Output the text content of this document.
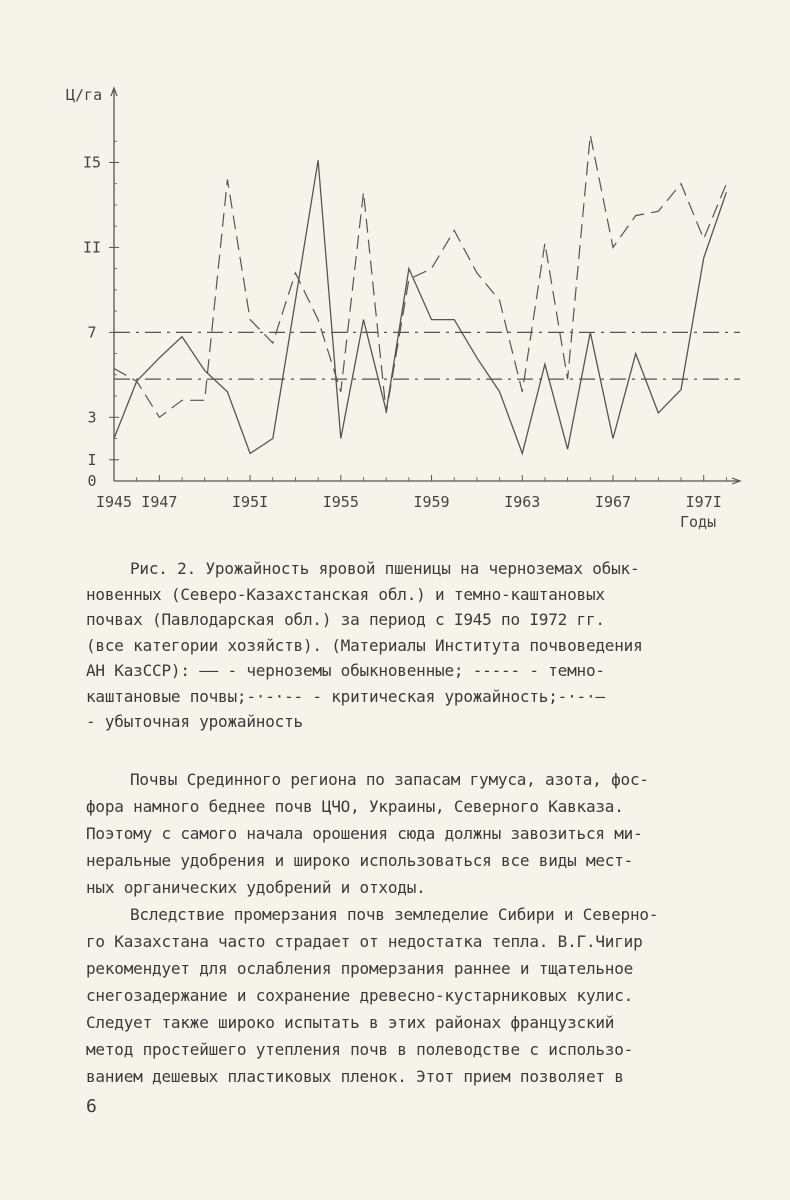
0
I
3
7
II
I5
I945 I947	I95I	I955	I959	I963	I967	I97I
Ц/га
Годы

Рис. 2. Урожайность яровой пшеницы на черноземах обык-
новенных (Северо-Казахстанская обл.) и темно-каштановых
почвах (Павлодарская обл.) за период с I945 по I972 гг.
(все категории хозяйств). (Материалы Института почвоведения
АН КазССР): —— - черноземы обыкновенные; ----- - темно-
каштановые почвы;-·-·-- - критическая урожайность;-·-·—
- убыточная урожайность

Почвы Срединного региона по запасам гумуса, азота, фос-
фора намного беднее почв ЦЧО, Украины, Северного Кавказа.
Поэтому с самого начала орошения сюда должны завозиться ми-
неральные удобрения и широко использоваться все виды мест-
ных органических удобрений и отходы.
Вследствие промерзания почв земледелие Сибири и Северно-
го Казахстана часто страдает от недостатка тепла. В.Г.Чигир
рекомендует для ослабления промерзания раннее и тщательное
снегозадержание и сохранение древесно-кустарниковых кулис.
Следует также широко испытать в этих районах французский
метод простейшего утепления почв в полеводстве с использо-
ванием дешевых пластиковых пленок. Этот прием позволяет в

6
